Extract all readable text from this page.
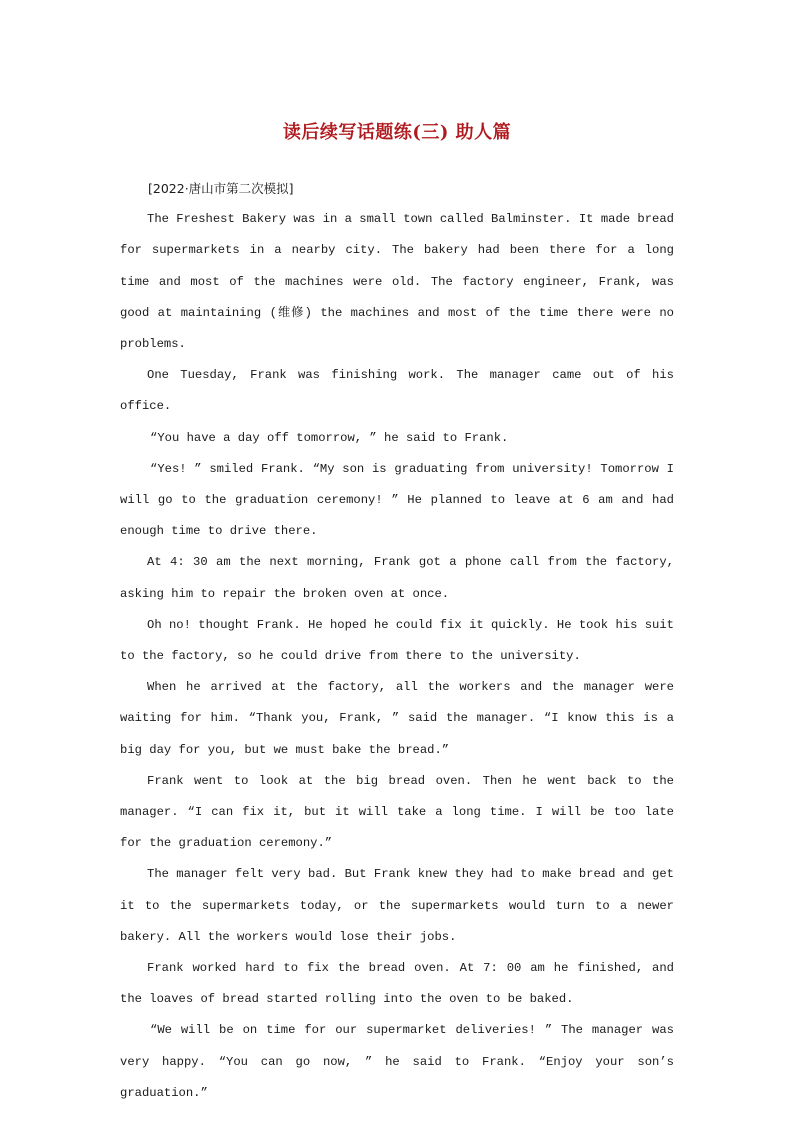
读后续写话题练(三) 助人篇
[2022·唐山市第二次模拟]

The Freshest Bakery was in a small town called Balminster. It made bread for supermarkets in a nearby city. The bakery had been there for a long time and most of the machines were old. The factory engineer, Frank, was good at maintaining (维修) the machines and most of the time there were no problems.

One Tuesday, Frank was finishing work. The manager came out of his office.

“You have a day off tomorrow, ” he said to Frank.

“Yes! ” smiled Frank. “My son is graduating from university! Tomorrow I will go to the graduation ceremony! ” He planned to leave at 6 am and had enough time to drive there.

At 4: 30 am the next morning, Frank got a phone call from the factory, asking him to repair the broken oven at once.

Oh no! thought Frank. He hoped he could fix it quickly. He took his suit to the factory, so he could drive from there to the university.

When he arrived at the factory, all the workers and the manager were waiting for him. “Thank you, Frank, ” said the manager. “I know this is a big day for you, but we must bake the bread.”

Frank went to look at the big bread oven. Then he went back to the manager. “I can fix it, but it will take a long time. I will be too late for the graduation ceremony.”

The manager felt very bad. But Frank knew they had to make bread and get it to the supermarkets today, or the supermarkets would turn to a newer bakery. All the workers would lose their jobs.

Frank worked hard to fix the bread oven. At 7: 00 am he finished, and the loaves of bread started rolling into the oven to be baked.

“We will be on time for our supermarket deliveries! ” The manager was very happy. “You can go now, ” he said to Frank. “Enjoy your son’s graduation.”
